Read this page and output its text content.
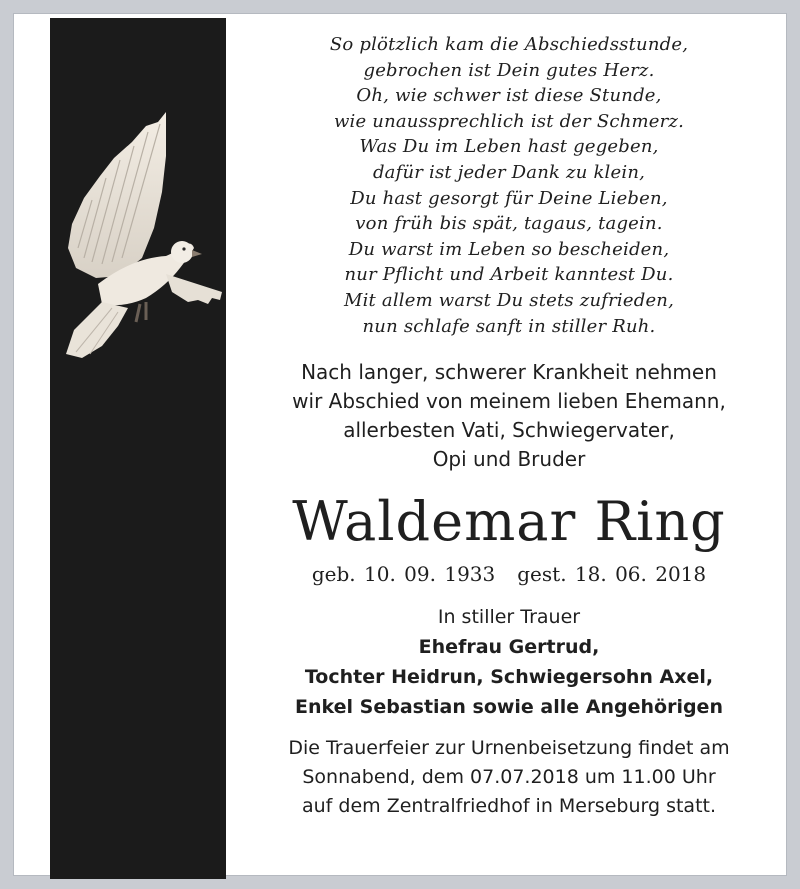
So plötzlich kam die Abschiedsstunde,
gebrochen ist Dein gutes Herz.
Oh, wie schwer ist diese Stunde,
wie unaussprechlich ist der Schmerz.
Was Du im Leben hast gegeben,
dafür ist jeder Dank zu klein,
Du hast gesorgt für Deine Lieben,
von früh bis spät, tagaus, tagein.
Du warst im Leben so bescheiden,
nur Pflicht und Arbeit kanntest Du.
Mit allem warst Du stets zufrieden,
nun schlafe sanft in stiller Ruh.
Nach langer, schwerer Krankheit nehmen
wir Abschied von meinem lieben Ehemann,
allerbesten Vati, Schwiegervater,
Opi und Bruder
Waldemar Ring
geb. 10. 09. 1933 gest. 18. 06. 2018
In stiller Trauer
Ehefrau Gertrud,
Tochter Heidrun, Schwiegersohn Axel,
Enkel Sebastian sowie alle Angehörigen
Die Trauerfeier zur Urnenbeisetzung findet am
Sonnabend, dem 07.07.2018 um 11.00 Uhr
auf dem Zentralfriedhof in Merseburg statt.
